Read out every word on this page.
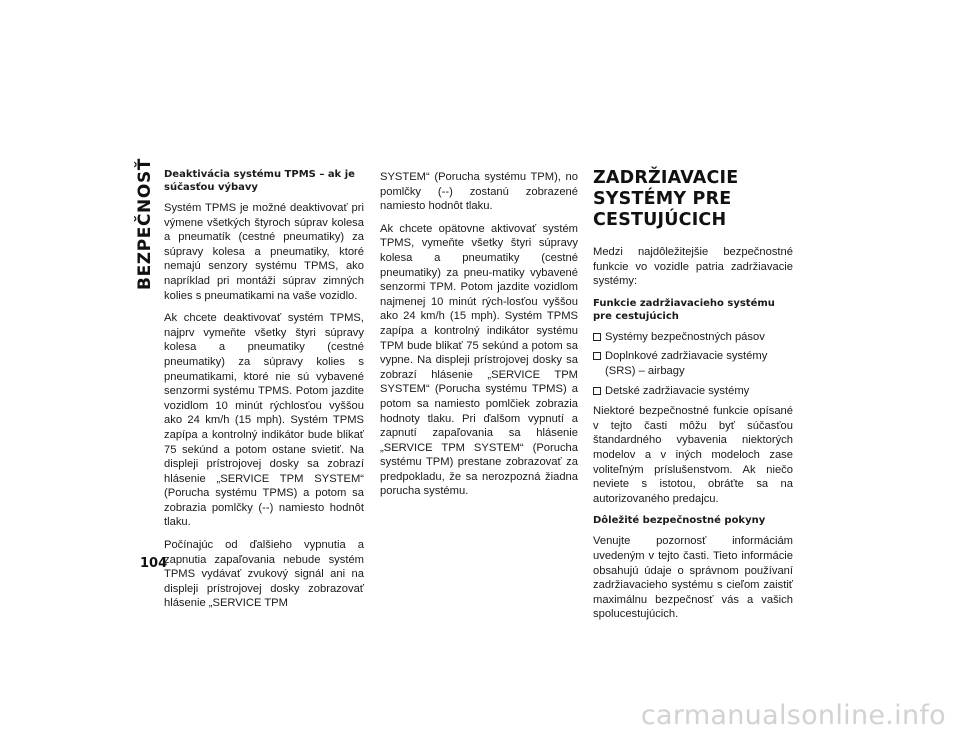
BEZPEČNOSŤ Deaktivácia systému TPMS – ak je súčasťou výbavy

Systém TPMS je možné deaktivovať pri výmene všetkých štyroch súprav kolesa a pneumatík (cestné pneumatiky) za súpravy kolesa a pneumatiky, ktoré nemajú senzory systému TPMS, ako napríklad pri montáži súprav zimných kolies s pneumatikami na vaše vozidlo.

Ak chcete deaktivovať systém TPMS, najprv vymeňte všetky štyri súpravy kolesa a pneumatiky (cestné pneumatiky) za súpravy kolies s pneumatikami, ktoré nie sú vybavené senzormi systému TPMS. Potom jazdite vozidlom 10 minút rýchlosťou vyššou ako 24 km/h (15 mph). Systém TPMS zapípa a kontrolný indikátor bude blikať 75 sekúnd a potom ostane svietiť. Na displeji prístrojovej dosky sa zobrazí hlásenie „SERVICE TPM SYSTEM“ (Porucha systému TPMS) a potom sa zobrazia pomlčky (--) namiesto hodnôt tlaku.

Počínajúc od ďalšieho vypnutia a zapnutia zapaľovania nebude systém TPMS vydávať zvukový signál ani na displeji prístrojovej dosky zobrazovať hlásenie „SERVICE TPM

SYSTEM“ (Porucha systému TPM), no pomlčky (--) zostanú zobrazené namiesto hodnôt tlaku.

Ak chcete opätovne aktivovať systém TPMS, vymeňte všetky štyri súpravy kolesa a pneumatiky (cestné pneumatiky) za pneu-matiky vybavené senzormi TPM. Potom jazdite vozidlom najmenej 10 minút rých-losťou vyššou ako 24 km/h (15 mph). Systém TPMS zapípa a kontrolný indikátor systému TPM bude blikať 75 sekúnd a potom sa vypne. Na displeji prístrojovej dosky sa zobrazí hlásenie „SERVICE TPM SYSTEM“ (Porucha systému TPMS) a potom sa namiesto pomlčiek zobrazia hodnoty tlaku. Pri ďalšom vypnutí a zapnutí zapaľovania sa hlásenie „SERVICE TPM SYSTEM“ (Porucha systému TPM) prestane zobrazovať za predpokladu, že sa nerozpozná žiadna porucha systému.

ZADRŽIAVACIE SYSTÉMY PRE CESTUJÚCICH

Medzi najdôležitejšie bezpečnostné funkcie vo vozidle patria zadržiavacie systémy:

Funkcie zadržiavacieho systému pre cestujúcich
Systémy bezpečnostných pásov
Doplnkové zadržiavacie systémy (SRS) – airbagy
Detské zadržiavacie systémy

Niektoré bezpečnostné funkcie opísané v tejto časti môžu byť súčasťou štandardného vybavenia niektorých modelov a v iných modeloch zase voliteľným príslušenstvom. Ak niečo neviete s istotou, obráťte sa na autorizovaného predajcu.

Dôležité bezpečnostné pokyny

Venujte pozornosť informáciám uvedeným v tejto časti. Tieto informácie obsahujú údaje o správnom používaní zadržiavacieho systému s cieľom zaistiť maximálnu bezpečnosť vás a vašich spolucestujúcich.

104
carmanualsonline.info
